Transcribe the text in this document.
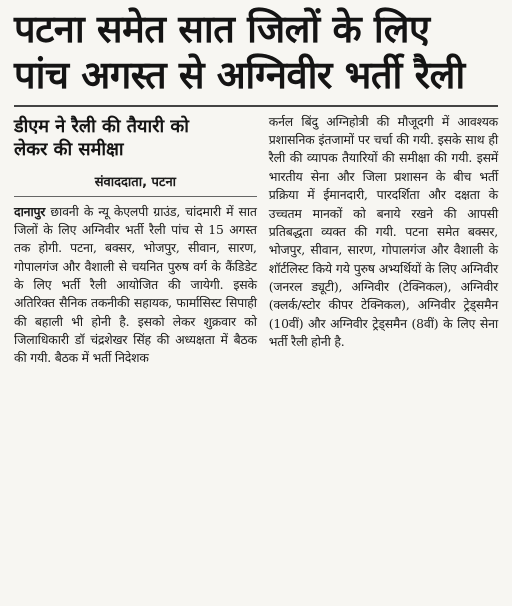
पटना समेत सात जिलों के लिए
पांच अगस्त से अग्निवीर भर्ती रैली
डीएम ने रैली की तैयारी को
लेकर की समीक्षा
संवाददाता, पटना

दानापुर छावनी के न्यू केएलपी ग्राउंड, चांदमारी में सात जिलों के लिए अग्निवीर भर्ती रैली पांच से 15 अगस्त तक होगी. पटना, बक्सर, भोजपुर, सीवान, सारण, गोपालगंज और वैशाली से चयनित पुरुष वर्ग के कैंडिडेट के लिए भर्ती रैली आयोजित की जायेगी. इसके अतिरिक्त सैनिक तकनीकी सहायक, फार्मासिस्ट सिपाही की बहाली भी होनी है. इसको लेकर शुक्रवार को जिलाधिकारी डॉ चंद्रशेखर सिंह की अध्यक्षता में बैठक की गयी. बैठक में भर्ती निदेशक

कर्नल बिंदु अग्निहोत्री की मौजूदगी में आवश्यक प्रशासनिक इंतजामों पर चर्चा की गयी. इसके साथ ही रैली की व्यापक तैयारियों की समीक्षा की गयी. इसमें भारतीय सेना और जिला प्रशासन के बीच भर्ती प्रक्रिया में ईमानदारी, पारदर्शिता और दक्षता के उच्चतम मानकों को बनाये रखने की आपसी प्रतिबद्धता व्यक्त की गयी. पटना समेत बक्सर, भोजपुर, सीवान, सारण, गोपालगंज और वैशाली के शॉर्टलिस्ट किये गये पुरुष अभ्यर्थियों के लिए अग्निवीर (जनरल ड्यूटी), अग्निवीर (टेक्निकल), अग्निवीर (क्लर्क/स्टोर कीपर टेक्निकल), अग्निवीर ट्रेड्समैन (10वीं) और अग्निवीर ट्रेड्समैन (8वीं) के लिए सेना भर्ती रैली होनी है.
